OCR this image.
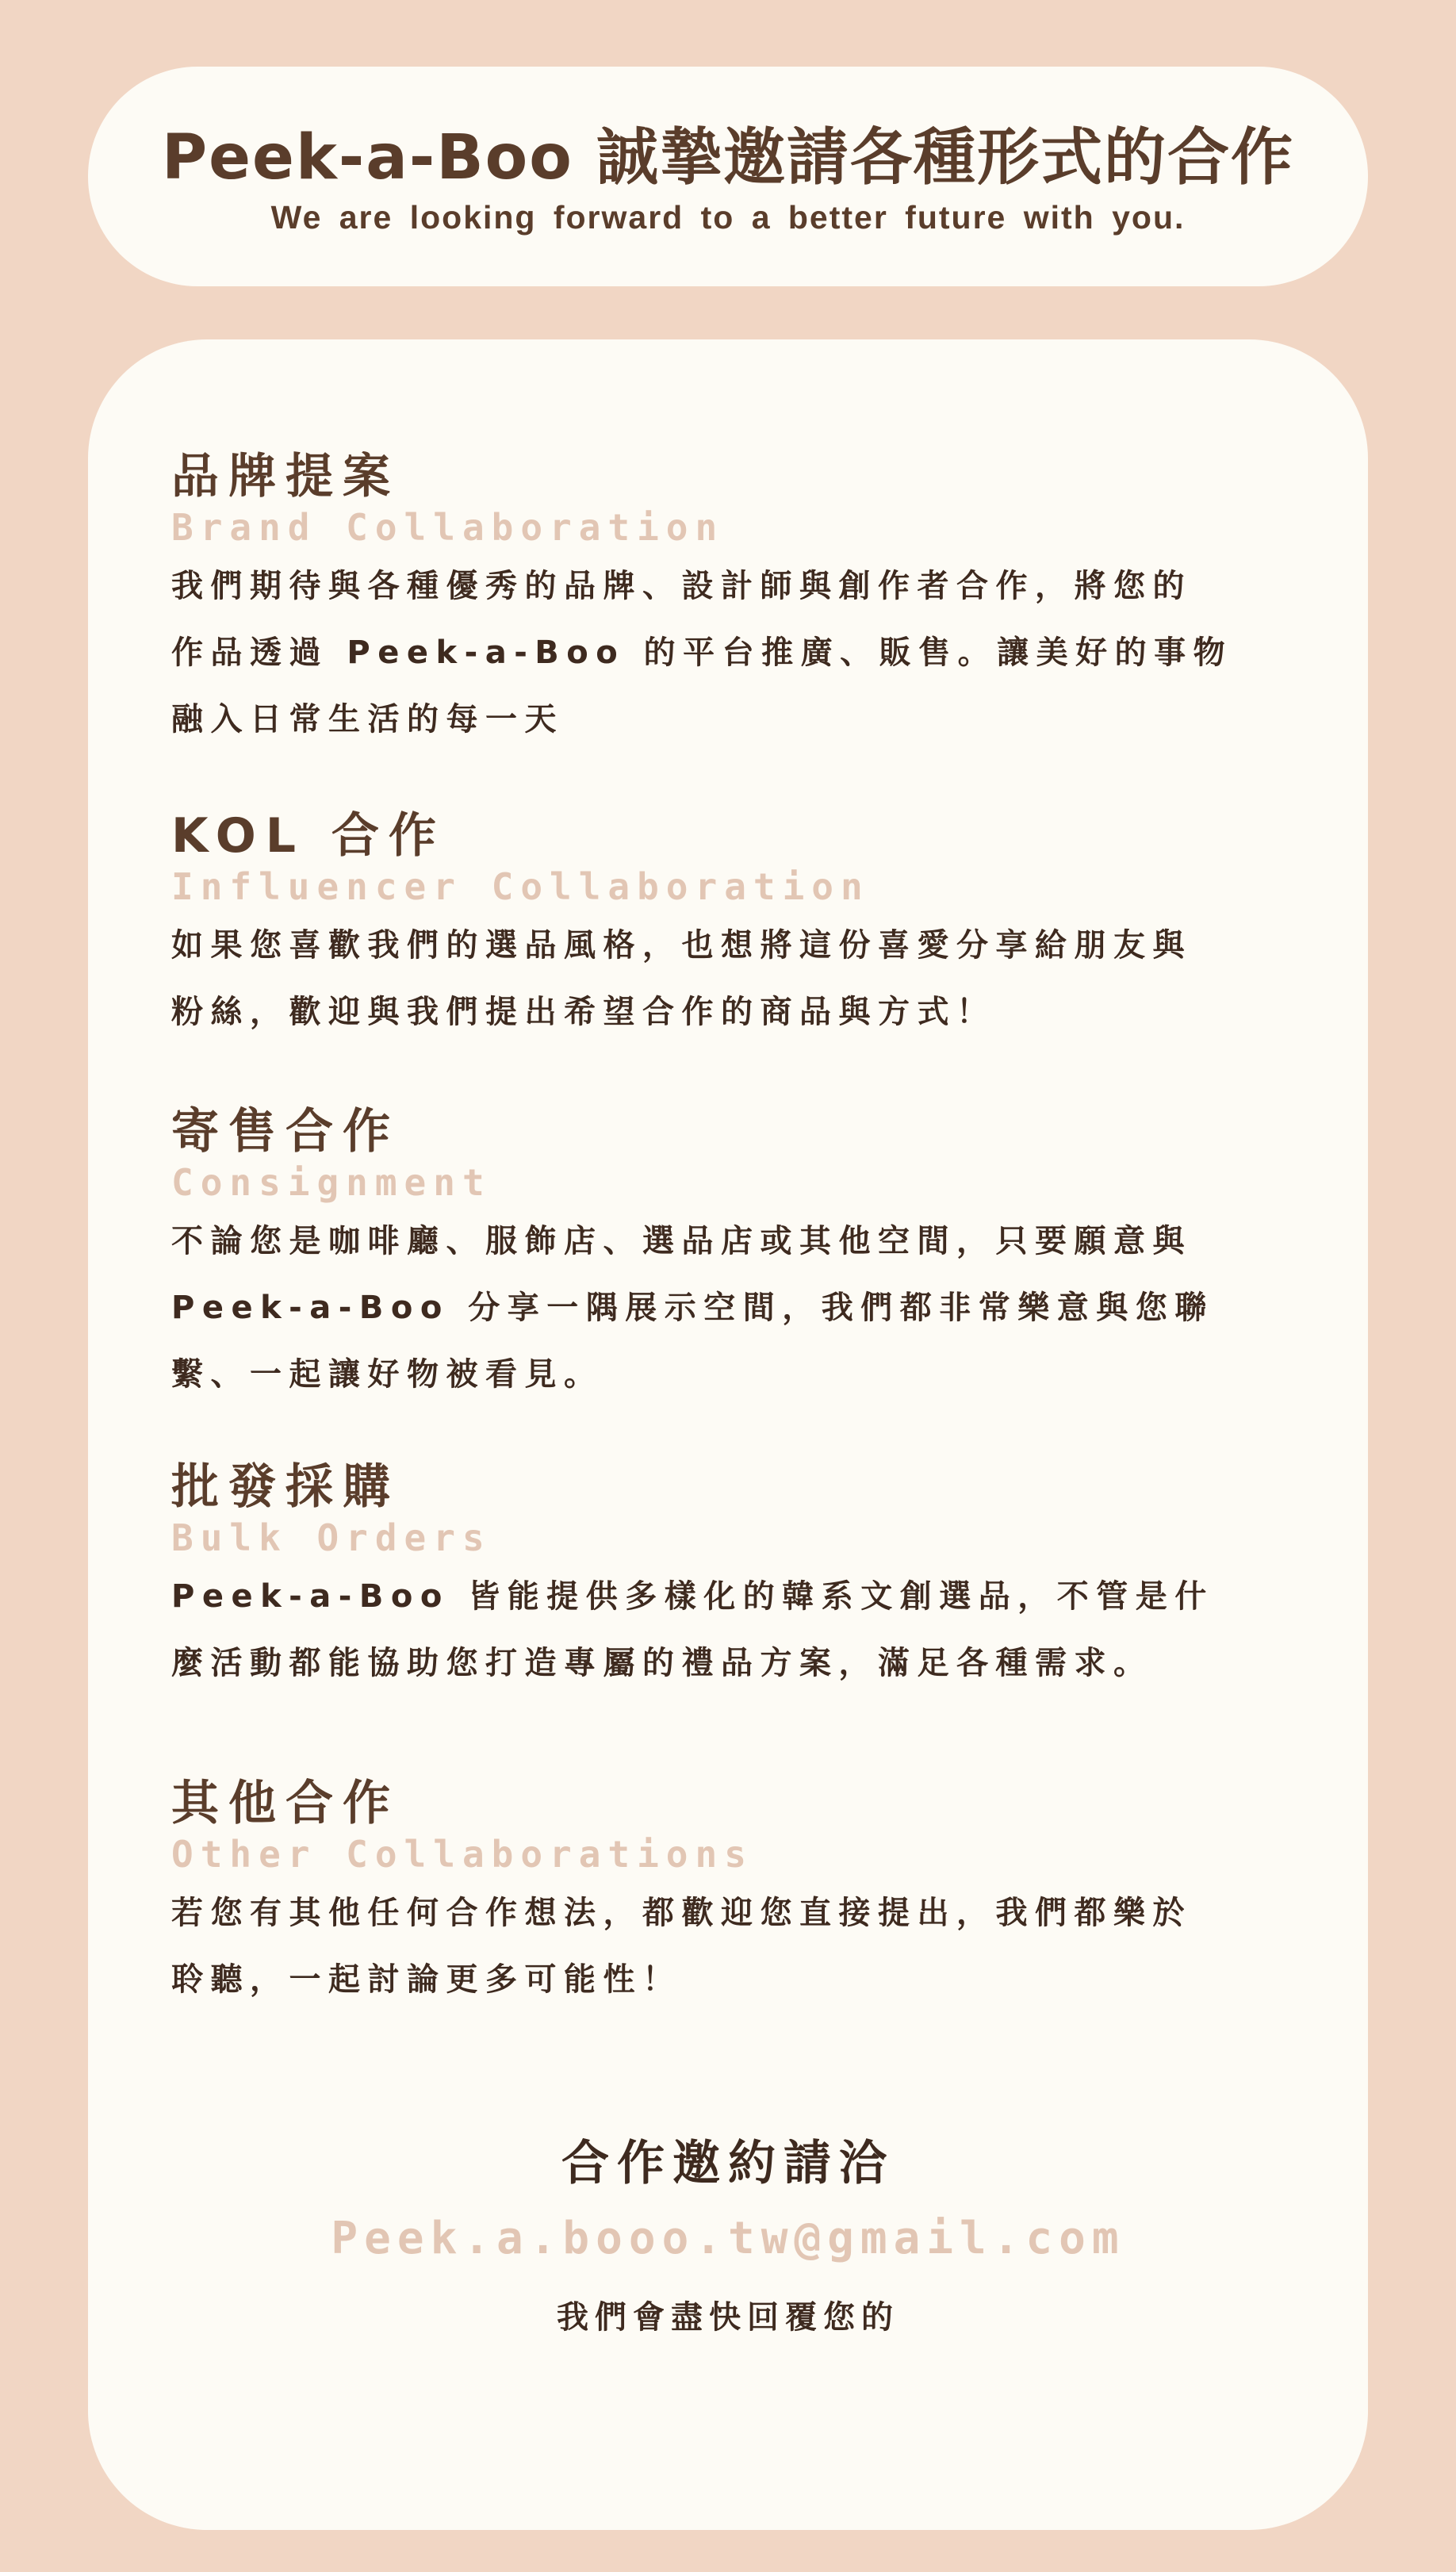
Peek-a-Boo 誠摯邀請各種形式的合作
We are looking forward to a better future with you.
品牌提案
Brand Collaboration
我們期待與各種優秀的品牌、設計師與創作者合作，將您的
作品透過 Peek-a-Boo 的平台推廣、販售。讓美好的事物
融入日常生活的每一天
KOL 合作
Influencer Collaboration
如果您喜歡我們的選品風格，也想將這份喜愛分享給朋友與
粉絲，歡迎與我們提出希望合作的商品與方式！
寄售合作
Consignment
不論您是咖啡廳、服飾店、選品店或其他空間，只要願意與
Peek-a-Boo 分享一隅展示空間，我們都非常樂意與您聯
繫、一起讓好物被看見。
批發採購
Bulk Orders
Peek-a-Boo 皆能提供多樣化的韓系文創選品，不管是什
麼活動都能協助您打造專屬的禮品方案，滿足各種需求。
其他合作
Other Collaborations
若您有其他任何合作想法，都歡迎您直接提出，我們都樂於
聆聽，一起討論更多可能性！
合作邀約請洽
Peek.a.booo.tw@gmail.com
我們會盡快回覆您的
